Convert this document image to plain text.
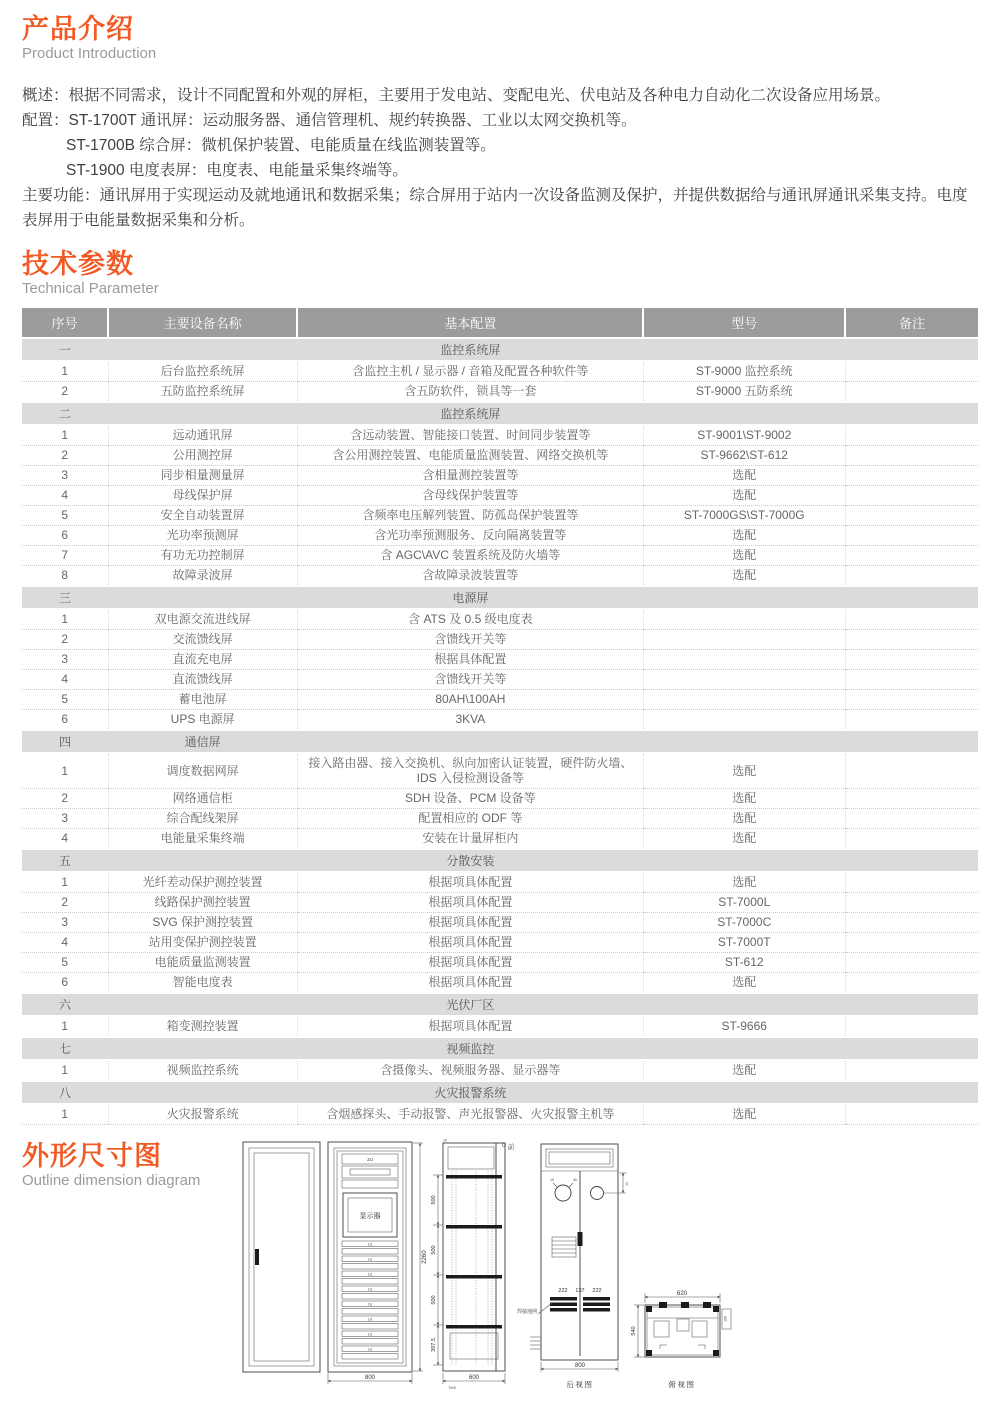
产品介绍
Product Introduction

概述：根据不同需求，设计不同配置和外观的屏柜，主要用于发电站、变配电光、伏电站及各种电力自动化二次设备应用场景。

配置：ST-1700T 通讯屏：运动服务器、通信管理机、规约转换器、工业以太网交换机等。

ST-1700B 综合屏：微机保护装置、电能质量在线监测装置等。

ST-1900 电度表屏：电度表、电能量采集终端等。

主要功能：通讯屏用于实现运动及就地通讯和数据采集；综合屏用于站内一次设备监测及保护，并提供数据给与通讯屏通讯采集支持。电度表屏用于电能量数据采集和分析。

技术参数
Technical Parameter
序号	主要设备名称	基本配置	型号	备注
一		监控系统屏		
1	后台监控系统屏	含监控主机 / 显示器 / 音箱及配置各种软件等	ST-9000 监控系统	
2	五防监控系统屏	含五防软件，锁具等一套	ST-9000 五防系统	
二		监控系统屏		
1	远动通讯屏	含远动装置、智能接口装置、时间同步装置等	ST-9001\ST-9002	
2	公用测控屏	含公用测控装置、电能质量监测装置、网络交换机等	ST-9662\ST-612	
3	同步相量测量屏	含相量测控装置等	选配	
4	母线保护屏	含母线保护装置等	选配	
5	安全自动装置屏	含频率电压解列装置、防孤岛保护装置等	ST-7000GS\ST-7000G	
6	光功率预测屏	含光功率预测服务、反向隔离装置等	选配	
7	有功无功控制屏	含 AGC\AVC 装置系统及防火墙等	选配	
8	故障录波屏	含故障录波装置等	选配	
三		电源屏		
1	双电源交流进线屏	含 ATS 及 0.5 级电度表		
2	交流馈线屏	含馈线开关等		
3	直流充电屏	根据具体配置		
4	直流馈线屏	含馈线开关等		
5	蓄电池屏	80AH\100AH		
6	UPS 电源屏	3KVA		
四	通信屏			
1	调度数据网屏	接入路由器、接入交换机、纵向加密认证装置，硬件防火墙、IDS 入侵检测设备等	选配	
2	网络通信柜	SDH 设备、PCM 设备等	选配	
3	综合配线架屏	配置相应的 ODF 等	选配	
4	电能量采集终端	安装在计量屏柜内	选配	
五		分散安装		
1	光纤差动保护测控装置	根据项具体配置	选配	
2	线路保护测控装置	根据项具体配置	ST-7000L	
3	SVG 保护测控装置	根据项具体配置	ST-7000C	
4	站用变保护测控装置	根据项具体配置	ST-7000T	
5	电能质量监测装置	根据项具体配置	ST-612	
6	智能电度表	根据项具体配置	选配	
六		光伏厂区		
1	箱变测控装置	根据项具体配置	ST-9666	
七		视频监控		
1	视频监控系统	含摄像头、视频服务器、显示器等	选配	
八		火灾报警系统		
1	火灾报警系统	含烟感探头、手动报警、声光报警器、火灾报警主机等	选配	
外形尺寸图
Outline dimension diagram
2U
显示器
1U
1U
1U
1U
1U
1U
1U
1U
2260
800
500
500
500
397.5
600
70±5
10
前
10	40
10
222 137 222
焊接地网
800
后视图
620
540
156
俯视图
